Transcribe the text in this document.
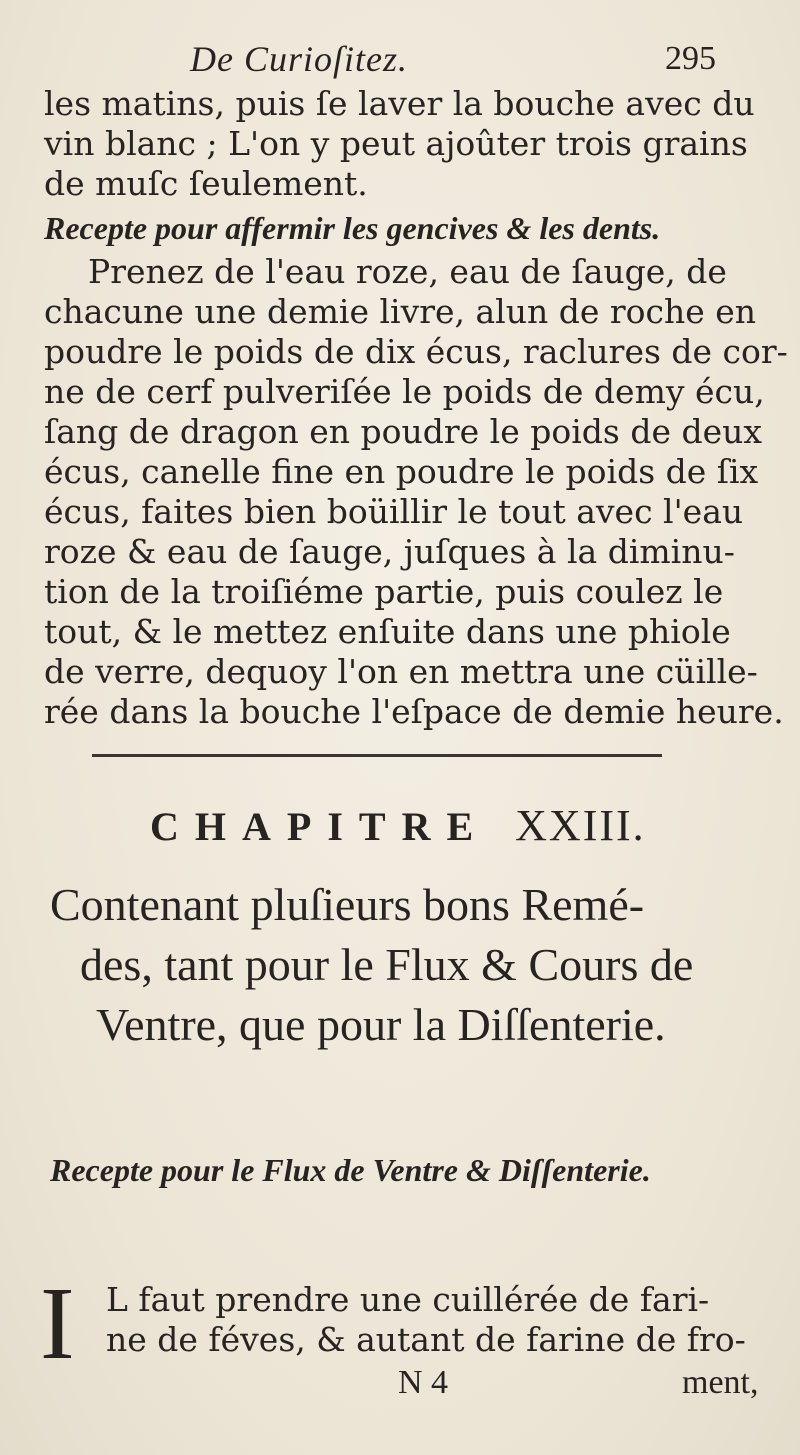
De Curioſitez.	295
les matins, puis ſe laver la bouche avec du
vin blanc ; L'on y peut ajoûter trois grains
de muſc ſeulement.
Recepte pour affermir les gencives & les dents.
Prenez de l'eau roze, eau de ſauge, de
chacune une demie livre, alun de roche en
poudre le poids de dix écus, raclures de cor-
ne de cerf pulveriſée le poids de demy écu,
ſang de dragon en poudre le poids de deux
écus, canelle fine en poudre le poids de ſix
écus, faites bien boüillir le tout avec l'eau
roze & eau de ſauge, juſques à la diminu-
tion de la troiſiéme partie, puis coulez le
tout, & le mettez enſuite dans une phiole
de verre, dequoy l'on en mettra une cüille-
rée dans la bouche l'eſpace de demie heure.
CHAPITRE XXIII.
Contenant pluſieurs bons Remé-
des, tant pour le Flux & Cours de
Ventre, que pour la Diſſenterie.
Recepte pour le Flux de Ventre & Diſſenterie.
I L faut prendre une cuillérée de fari-
ne de féves, & autant de farine de fro-
N 4	ment,
